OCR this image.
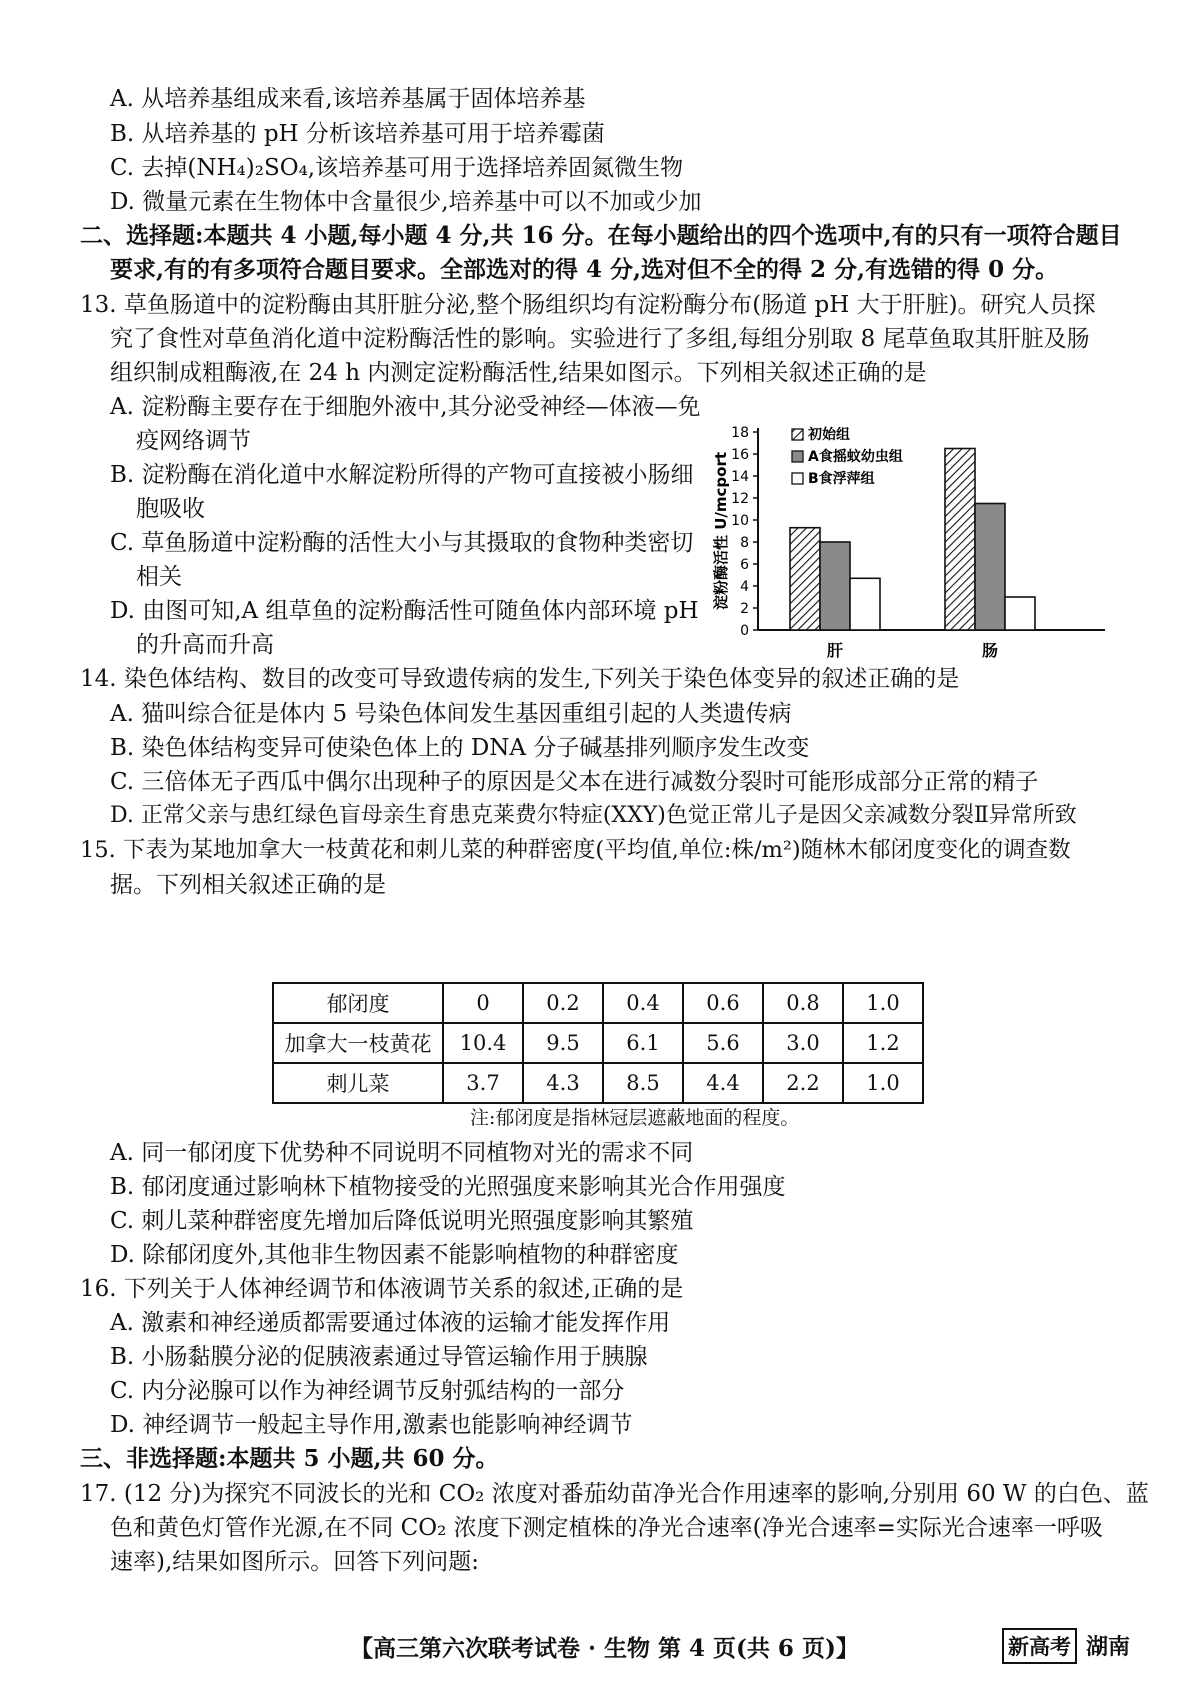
A. 从培养基组成来看,该培养基属于固体培养基
B. 从培养基的 pH 分析该培养基可用于培养霉菌
C. 去掉(NH₄)₂SO₄,该培养基可用于选择培养固氮微生物
D. 微量元素在生物体中含量很少,培养基中可以不加或少加
二、选择题:本题共 4 小题,每小题 4 分,共 16 分。在每小题给出的四个选项中,有的只有一项符合题目
要求,有的有多项符合题目要求。全部选对的得 4 分,选对但不全的得 2 分,有选错的得 0 分。
13. 草鱼肠道中的淀粉酶由其肝脏分泌,整个肠组织均有淀粉酶分布(肠道 pH 大于肝脏)。研究人员探
究了食性对草鱼消化道中淀粉酶活性的影响。实验进行了多组,每组分别取 8 尾草鱼取其肝脏及肠
组织制成粗酶液,在 24 h 内测定淀粉酶活性,结果如图示。下列相关叙述正确的是
A. 淀粉酶主要存在于细胞外液中,其分泌受神经—体液—免
疫网络调节
B. 淀粉酶在消化道中水解淀粉所得的产物可直接被小肠细
胞吸收
C. 草鱼肠道中淀粉酶的活性大小与其摄取的食物种类密切
相关
D. 由图可知,A 组草鱼的淀粉酶活性可随鱼体内部环境 pH
的升高而升高
0
2
4
6
8
10
12
14
16
18
淀粉酶活性 U/mcport
肝	肠
初始组
A食摇蚊幼虫组
B食浮萍组
14. 染色体结构、数目的改变可导致遗传病的发生,下列关于染色体变异的叙述正确的是
A. 猫叫综合征是体内 5 号染色体间发生基因重组引起的人类遗传病
B. 染色体结构变异可使染色体上的 DNA 分子碱基排列顺序发生改变
C. 三倍体无子西瓜中偶尔出现种子的原因是父本在进行减数分裂时可能形成部分正常的精子
D. 正常父亲与患红绿色盲母亲生育患克莱费尔特症(XXY)色觉正常儿子是因父亲减数分裂Ⅱ异常所致
15. 下表为某地加拿大一枝黄花和刺儿菜的种群密度(平均值,单位:株/m²)随林木郁闭度变化的调查数
据。下列相关叙述正确的是
郁闭度	0	0.2	0.4	0.6	0.8	1.0
加拿大一枝黄花	10.4	9.5	6.1	5.6	3.0	1.2
刺儿菜	3.7	4.3	8.5	4.4	2.2	1.0
注:郁闭度是指林冠层遮蔽地面的程度。
A. 同一郁闭度下优势种不同说明不同植物对光的需求不同
B. 郁闭度通过影响林下植物接受的光照强度来影响其光合作用强度
C. 刺儿菜种群密度先增加后降低说明光照强度影响其繁殖
D. 除郁闭度外,其他非生物因素不能影响植物的种群密度
16. 下列关于人体神经调节和体液调节关系的叙述,正确的是
A. 激素和神经递质都需要通过体液的运输才能发挥作用
B. 小肠黏膜分泌的促胰液素通过导管运输作用于胰腺
C. 内分泌腺可以作为神经调节反射弧结构的一部分
D. 神经调节一般起主导作用,激素也能影响神经调节
三、非选择题:本题共 5 小题,共 60 分。
17. (12 分)为探究不同波长的光和 CO₂ 浓度对番茄幼苗净光合作用速率的影响,分别用 60 W 的白色、蓝
色和黄色灯管作光源,在不同 CO₂ 浓度下测定植株的净光合速率(净光合速率=实际光合速率一呼吸
速率),结果如图所示。回答下列问题:
【高三第六次联考试卷 · 生物 第 4 页(共 6 页)】	新高考 湖南
